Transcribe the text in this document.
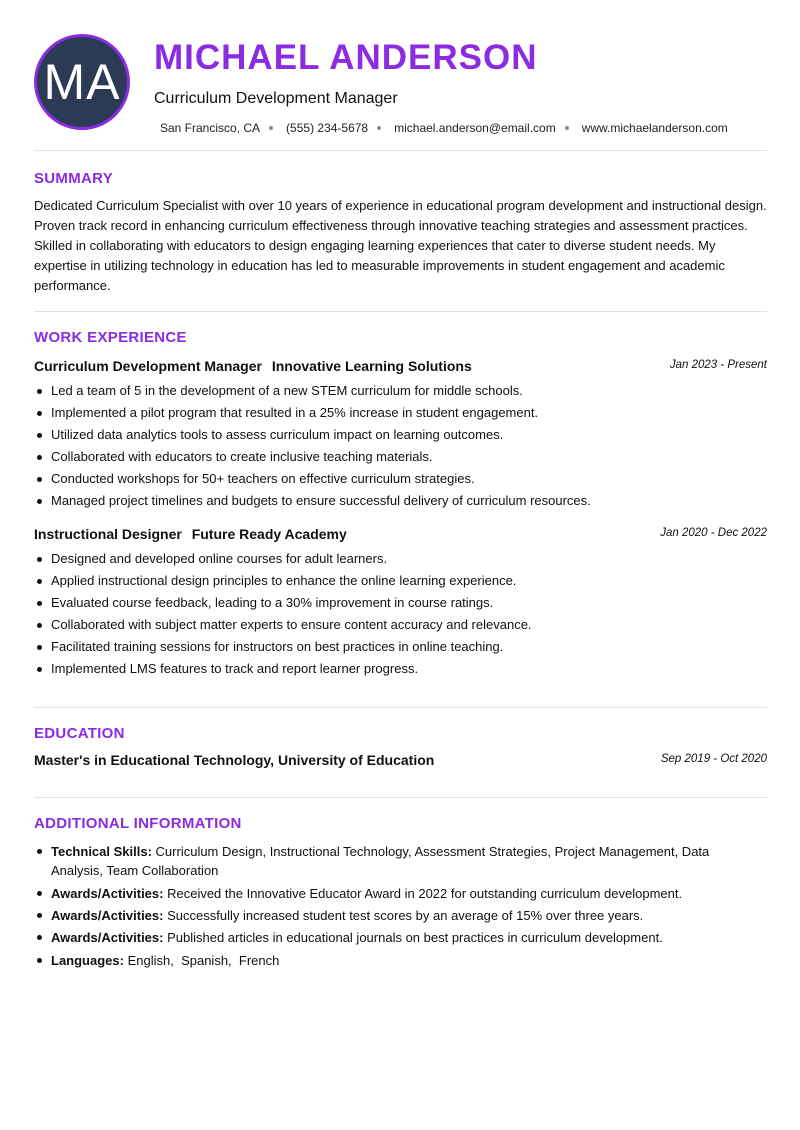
MA MICHAEL ANDERSON
Curriculum Development Manager
San Francisco, CA (555) 234-5678 michael.anderson@email.com www.michaelanderson.com
SUMMARY
Dedicated Curriculum Specialist with over 10 years of experience in educational program development and instructional design. Proven track record in enhancing curriculum effectiveness through innovative teaching strategies and assessment practices. Skilled in collaborating with educators to design engaging learning experiences that cater to diverse student needs. My expertise in utilizing technology in education has led to measurable improvements in student engagement and academic performance.
WORK EXPERIENCE
Curriculum Development Manager Innovative Learning Solutions	Jan 2023 - Present
Led a team of 5 in the development of a new STEM curriculum for middle schools.
Implemented a pilot program that resulted in a 25% increase in student engagement.
Utilized data analytics tools to assess curriculum impact on learning outcomes.
Collaborated with educators to create inclusive teaching materials.
Conducted workshops for 50+ teachers on effective curriculum strategies.
Managed project timelines and budgets to ensure successful delivery of curriculum resources.
Instructional Designer Future Ready Academy	Jan 2020 - Dec 2022
Designed and developed online courses for adult learners.
Applied instructional design principles to enhance the online learning experience.
Evaluated course feedback, leading to a 30% improvement in course ratings.
Collaborated with subject matter experts to ensure content accuracy and relevance.
Facilitated training sessions for instructors on best practices in online teaching.
Implemented LMS features to track and report learner progress.
EDUCATION
Master's in Educational Technology, University of Education	Sep 2019 - Oct 2020
ADDITIONAL INFORMATION
Technical Skills: Curriculum Design, Instructional Technology, Assessment Strategies, Project Management, Data Analysis, Team Collaboration
Awards/Activities: Received the Innovative Educator Award in 2022 for outstanding curriculum development.
Awards/Activities: Successfully increased student test scores by an average of 15% over three years.
Awards/Activities: Published articles in educational journals on best practices in curriculum development.
Languages: English,  Spanish,  French
